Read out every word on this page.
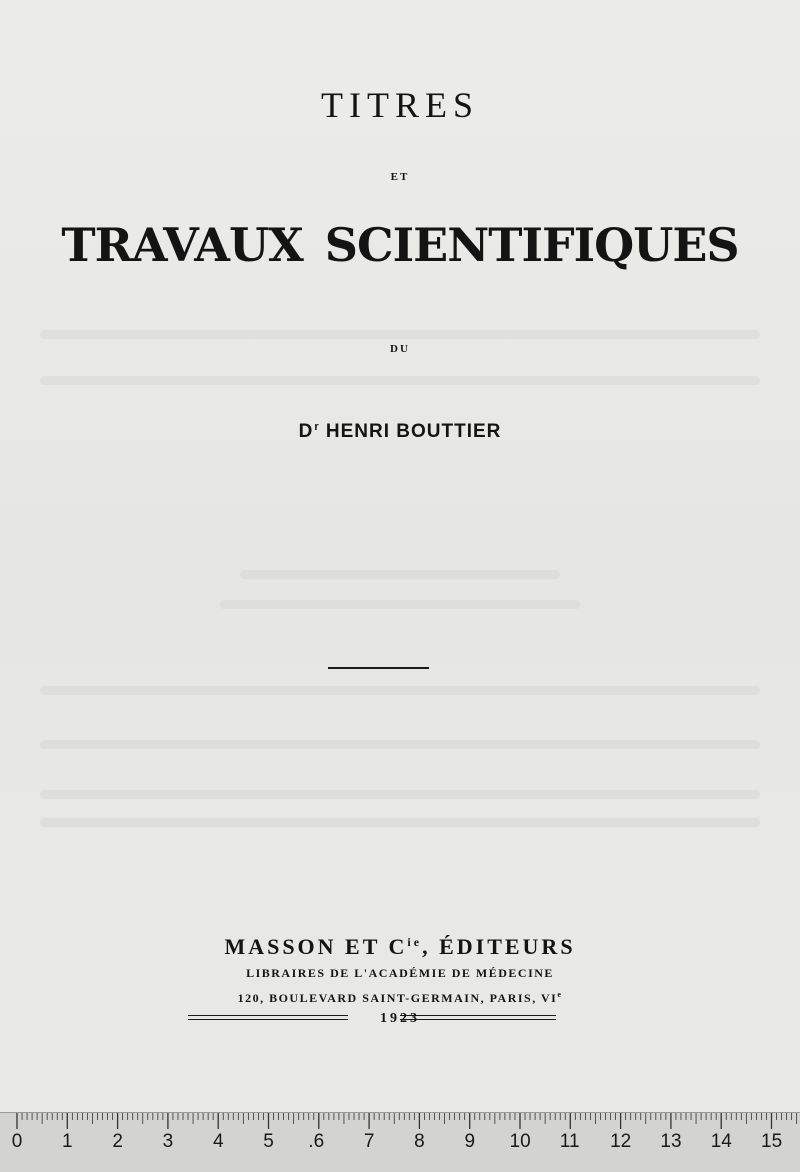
TITRES
ET
TRAVAUX SCIENTIFIQUES
DU
$D^r$ HENRI BOUTTIER
MASSON ET $C^{ie}$, ÉDITEURS
LIBRAIRES DE L'ACADÉMIE DE MÉDECINE
120, BOULEVARD SAINT-GERMAIN, PARIS, VIe
1923
0 1 2 3 4 5 .6 7 8 9 10 11 12 13 14 15
